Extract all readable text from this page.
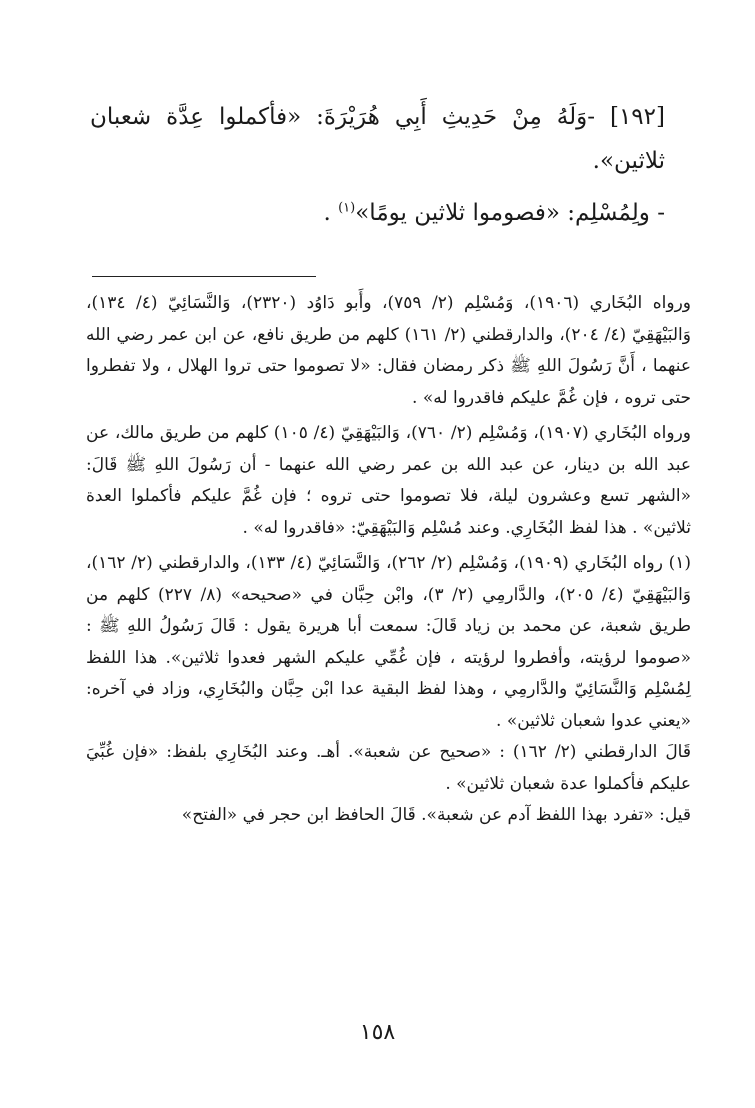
[١٩٢] -وَلَهُ مِنْ حَدِيثِ أَبِي هُرَيْرَةَ: «فأكملوا عِدَّة شعبان

ثلاثين».

- ولِمُسْلِم: «فصوموا ثلاثين يومًا»$^{(١)}$ .

ورواه البُخَاري (١٩٠٦)، وَمُسْلِم (٢/ ٧٥٩)، وأَبو دَاوُد (٢٣٢٠)، وَالنَّسَائِيّ (٤/ ١٣٤)، وَالبَيْهَقِيّ (٤/ ٢٠٤)، والدارقطني (٢/ ١٦١) كلهم من طريق نافع، عن ابن عمر رضي الله عنهما ، أَنَّ رَسُولَ اللهِ ﷺ ذكر رمضان فقال: «لا تصوموا حتى تروا الهلال ، ولا تفطروا حتى تروه ، فإن غُمَّ عليكم فاقدروا له» .

ورواه البُخَاري (١٩٠٧)، وَمُسْلِم (٢/ ٧٦٠)، وَالبَيْهَقِيّ (٤/ ١٠٥) كلهم من طريق مالك، عن عبد الله بن دينار، عن عبد الله بن عمر رضي الله عنهما - أن رَسُولَ اللهِ ﷺ قَالَ: «الشهر تسع وعشرون ليلة، فلا تصوموا حتى تروه ؛ فإن غُمَّ عليكم فأكملوا العدة ثلاثين» . هذا لفظ البُخَارِي. وعند مُسْلِم وَالبَيْهَقِيّ: «فاقدروا له» .

(١) رواه البُخَاري (١٩٠٩)، وَمُسْلِم (٢/ ٢٦٢)، وَالنَّسَائِيّ (٤/ ١٣٣)، والدارقطني (٢/ ١٦٢)، وَالبَيْهَقِيّ (٤/ ٢٠٥)، والدَّارمِي (٢/ ٣)، وابْن حِبَّان في «صحيحه» (٨/ ٢٢٧) كلهم من طريق شعبة، عن محمد بن زياد قَالَ: سمعت أبا هريرة يقول : قَالَ رَسُولُ اللهِ ﷺ : «صوموا لرؤيته، وأفطروا لرؤيته ، فإن غُمِّي عليكم الشهر فعدوا ثلاثين». هذا اللفظ لِمُسْلِم وَالنَّسَائِيّ والدَّارمِي ، وهذا لفظ البقية عدا ابْن حِبَّان والبُخَارِي، وزاد في آخره: «يعني عدوا شعبان ثلاثين» .

قَالَ الدارقطني (٢/ ١٦٢) : «صحيح عن شعبة». أهـ. وعند البُخَارِي بلفظ: «فإن غُبِّيَ عليكم فأكملوا عدة شعبان ثلاثين» .

قيل: «تفرد بهذا اللفظ آدم عن شعبة». قَالَ الحافظ ابن حجر في «الفتح»

١٥٨
